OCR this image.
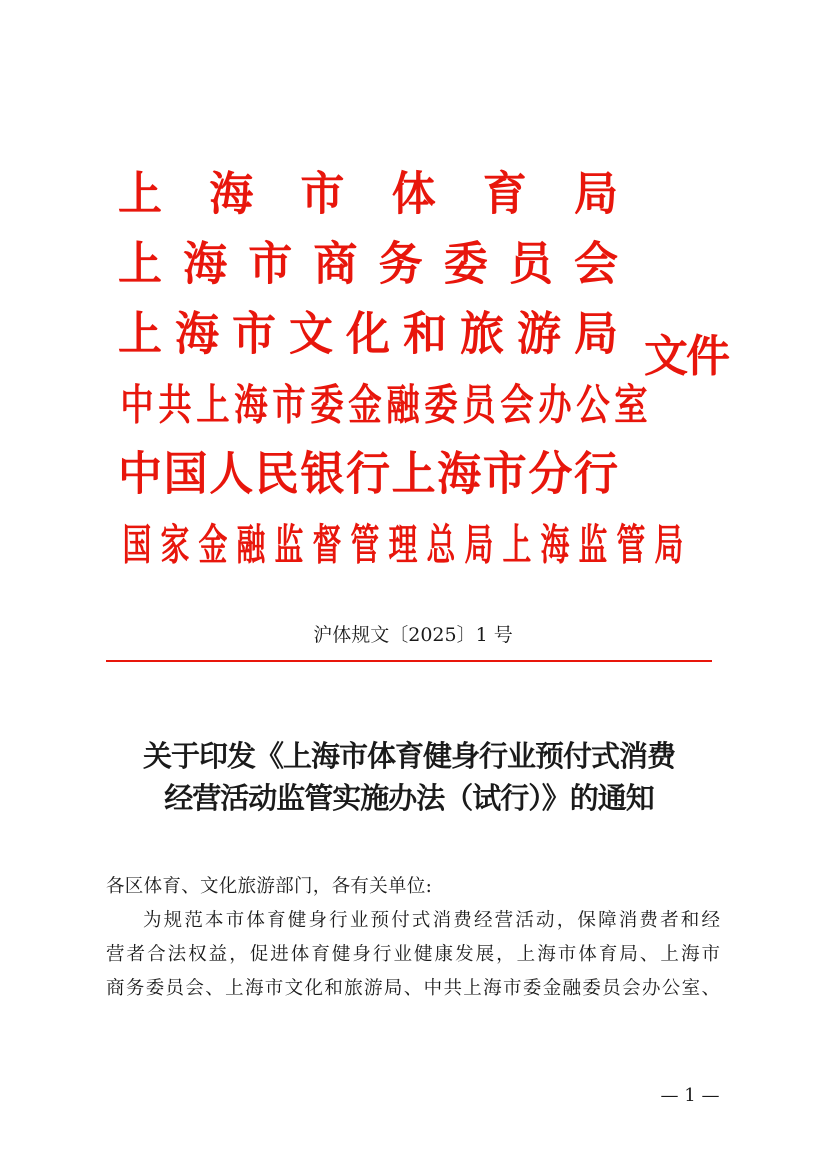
上 海 市 体 育 局
上 海 市 商 务 委 员 会
上 海 市 文 化 和 旅 游 局
中 共 上 海 市 委 金 融 委 员 会 办 公 室
中 国 人 民 银 行 上 海 市 分 行
国 家 金 融 监 督 管 理 总 局 上 海 监 管 局
文件
沪体规文〔2025〕1 号
关于印发《上海市体育健身行业预付式消费
经营活动监管实施办法（试行）》的通知

各区体育、文化旅游部门，各有关单位:

为规范本市体育健身行业预付式消费经营活动，保障消费者和经

营者合法权益，促进体育健身行业健康发展，上海市体育局、上海市

商务委员会、上海市文化和旅游局、中共上海市委金融委员会办公室、

— 1 —
